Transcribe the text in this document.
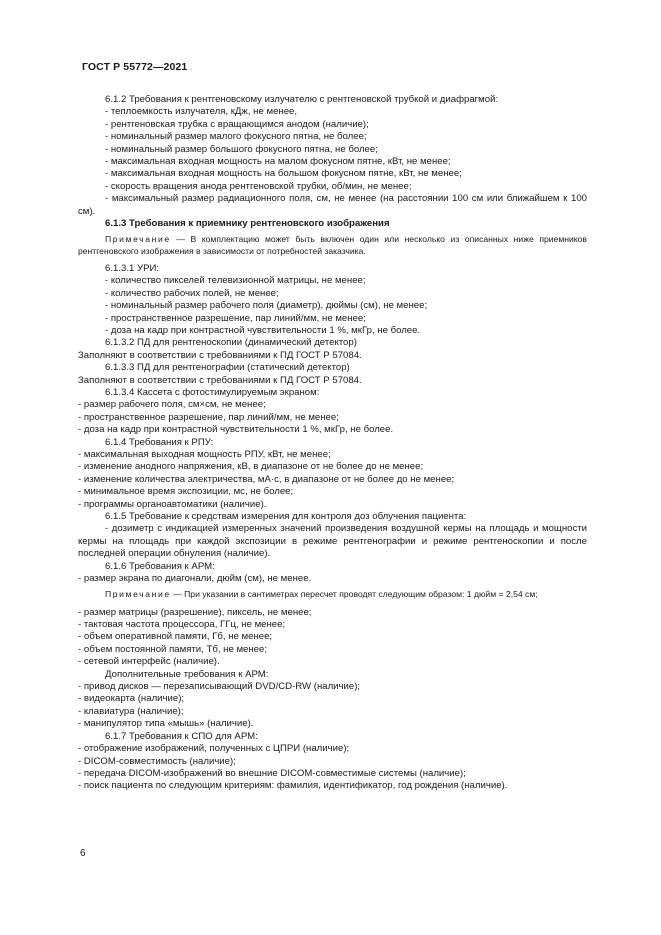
ГОСТ Р 55772—2021

6.1.2 Требования к рентгеновскому излучателю с рентгеновской трубкой и диафрагмой:

- теплоемкость излучателя, кДж, не менее,

- рентгеновская трубка с вращающимся анодом (наличие);

- номинальный размер малого фокусного пятна, не более;

- номинальный размер большого фокусного пятна, не более;

- максимальная входная мощность на малом фокусном пятне, кВт, не менее;

- максимальная входная мощность на большом фокусном пятне, кВт, не менее;

- скорость вращения анода рентгеновской трубки, об/мин, не менее;

- максимальный размер радиационного поля, см, не менее (на расстоянии 100 см или ближайшем к 100 см).

6.1.3 Требования к приемнику рентгеновского изображения

Примечание — В комплектацию может быть включен один или несколько из описанных ниже приемников рентгеновского изображения в зависимости от потребностей заказчика.

6.1.3.1 УРИ:

- количество пикселей телевизионной матрицы, не менее;

- количество рабочих полей, не менее;

- номинальный размер рабочего поля (диаметр), дюймы (см), не менее;

- пространственное разрешение, пар линий/мм, не менее;

- доза на кадр при контрастной чувствительности 1 %, мкГр, не более.

6.1.3.2 ПД для рентгеноскопии (динамический детектор)

Заполняют в соответствии с требованиями к ПД ГОСТ Р 57084.

6.1.3.3 ПД для рентгенографии (статический детектор)

Заполняют в соответствии с требованиями к ПД ГОСТ Р 57084.

6.1.3.4 Кассета с фотостимулируемым экраном:

- размер рабочего поля, см×см, не менее;

- пространственное разрешение, пар линий/мм, не менее;

- доза на кадр при контрастной чувствительности 1 %, мкГр, не более.

6.1.4 Требования к РПУ:

- максимальная выходная мощность РПУ, кВт, не менее;

- изменение анодного напряжения, кВ, в диапазоне от не более до не менее;

- изменение количества электричества, мА·с, в диапазоне от не более до не менее;

- минимальное время экспозиции, мс, не более;

- программы органоавтоматики (наличие).

6.1.5 Требование к средствам измерения для контроля доз облучения пациента:

- дозиметр с индикацией измеренных значений произведения воздушной кермы на площадь и мощности кермы на площадь при каждой экспозиции в режиме рентгенографии и режиме рентгеноскопии и после последней операции обнуления (наличие).

6.1.6 Требования к АРМ:

- размер экрана по диагонали, дюйм (см), не менее.

Примечание — При указании в сантиметрах пересчет проводят следующим образом: 1 дюйм = 2,54 см;

- размер матрицы (разрешение), пиксель, не менее;

- тактовая частота процессора, ГГц, не менее;

- объем оперативной памяти, Гб, не менее;

- объем постоянной памяти, Тб, не менее;

- сетевой интерфейс (наличие).

Дополнительные требования к АРМ:

- привод дисков — перезаписывающий DVD/CD-RW (наличие);

- видеокарта (наличие);

- клавиатура (наличие);

- манипулятор типа «мышь» (наличие).

6.1.7 Требования к СПО для АРМ:

- отображение изображений, полученных с ЦПРИ (наличие);

- DICOM-совместимость (наличие);

- передача DICOM-изображений во внешние DICOM-совместимые системы (наличие);

- поиск пациента по следующим критериям: фамилия, идентификатор, год рождения (наличие).

6
